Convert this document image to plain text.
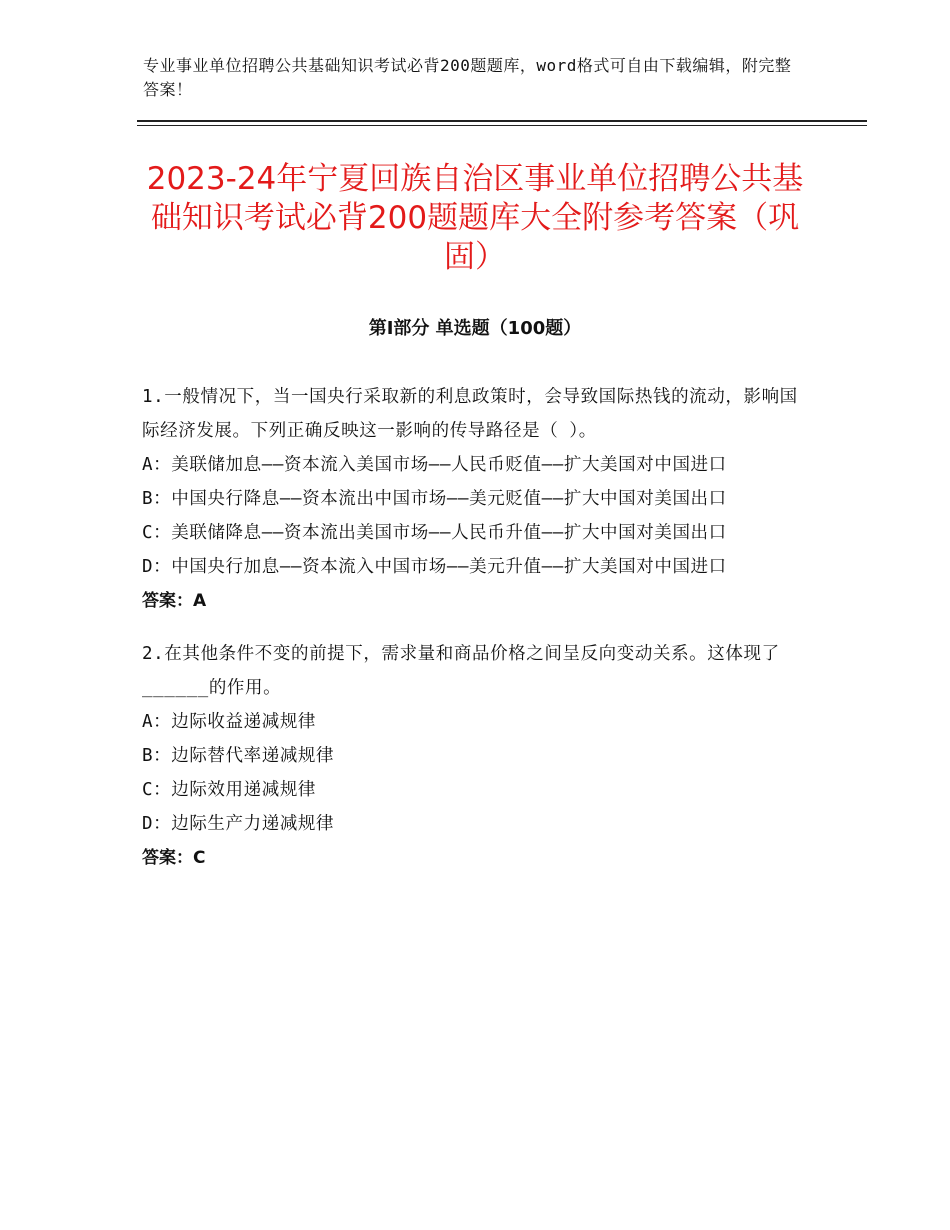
专业事业单位招聘公共基础知识考试必背200题题库，word格式可自由下载编辑，附完整答案！
2023-24年宁夏回族自治区事业单位招聘公共基础知识考试必背200题题库大全附参考答案（巩固）
第Ⅰ部分 单选题（100题）

1.一般情况下，当一国央行采取新的利息政策时，会导致国际热钱的流动，影响国际经济发展。下列正确反映这一影响的传导路径是（ ）。

A：美联储加息——资本流入美国市场——人民币贬值——扩大美国对中国进口

B：中国央行降息——资本流出中国市场——美元贬值——扩大中国对美国出口

C：美联储降息——资本流出美国市场——人民币升值——扩大中国对美国出口

D：中国央行加息——资本流入中国市场——美元升值——扩大美国对中国进口

答案：A

2.在其他条件不变的前提下，需求量和商品价格之间呈反向变动关系。这体现了______的作用。

A：边际收益递减规律

B：边际替代率递减规律

C：边际效用递减规律

D：边际生产力递减规律

答案：C
